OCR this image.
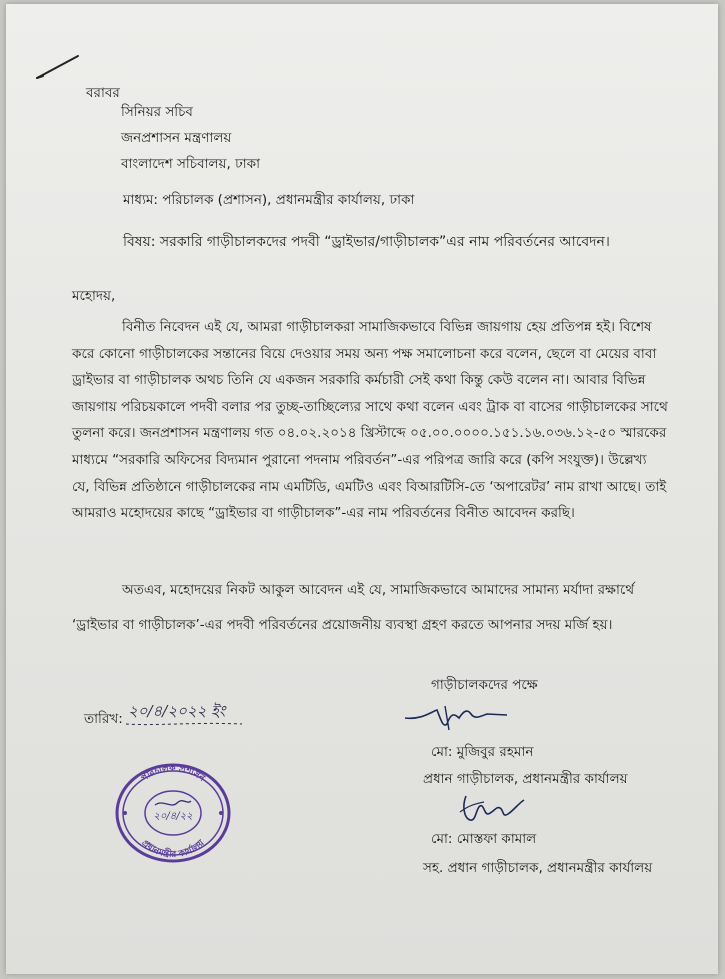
বরাবর
সিনিয়র সচিব
জনপ্রশাসন মন্ত্রণালয়
বাংলাদেশ সচিবালয়, ঢাকা
মাধ্যম: পরিচালক (প্রশাসন), প্রধানমন্ত্রীর কার্যালয়, ঢাকা
বিষয়: সরকারি গাড়ীচালকদের পদবী “ড্রাইভার/গাড়ীচালক”এর নাম পরিবর্তনের আবেদন।
মহোদয়,
বিনীত নিবেদন এই যে, আমরা গাড়ীচালকরা সামাজিকভাবে বিভিন্ন জায়গায় হেয় প্রতিপন্ন হই। বিশেষ
করে কোনো গাড়ীচালকের সন্তানের বিয়ে দেওয়ার সময় অন্য পক্ষ সমালোচনা করে বলেন, ছেলে বা মেয়ের বাবা
ড্রাইভার বা গাড়ীচালক অথচ তিনি যে একজন সরকারি কর্মচারী সেই কথা কিন্তু কেউ বলেন না। আবার বিভিন্ন
জায়গায় পরিচয়কালে পদবী বলার পর তুচ্ছ-তাচ্ছিল্যের সাথে কথা বলেন এবং ট্রাক বা বাসের গাড়ীচালকের সাথে
তুলনা করে। জনপ্রশাসন মন্ত্রণালয় গত ০৪.০২.২০১৪ খ্রিস্টাব্দে ০৫.০০.০০০০.১৫১.১৬.০৩৬.১২-৫০ স্মারকের
মাধ্যমে “সরকারি অফিসের বিদ্যমান পুরানো পদনাম পরিবর্তন”-এর পরিপত্র জারি করে (কপি সংযুক্ত)। উল্লেখ্য
যে, বিভিন্ন প্রতিষ্ঠানে গাড়ীচালকের নাম এমটিডি, এমটিও এবং বিআরটিসি-তে ‘অপারেটর’ নাম রাখা আছে। তাই
আমরাও মহোদয়ের কাছে “ড্রাইভার বা গাড়ীচালক”-এর নাম পরিবর্তনের বিনীত আবেদন করছি।
অতএব, মহোদয়ের নিকট আকুল আবেদন এই যে, সামাজিকভাবে আমাদের সামান্য মর্যাদা রক্ষার্থে
‘ড্রাইভার বা গাড়ীচালক’-এর পদবী পরিবর্তনের প্রয়োজনীয় ব্যবস্থা গ্রহণ করতে আপনার সদয় মর্জি হয়।
গাড়ীচালকদের পক্ষে
মো: মুজিবুর রহমান
প্রধান গাড়ীচালক, প্রধানমন্ত্রীর কার্যালয়
মো: মোস্তফা কামাল
সহ. প্রধান গাড়ীচালক, প্রধানমন্ত্রীর কার্যালয়
তারিখ: ২০/৪/২০২২ ইং
পরিচালক প্রশাসন
প্রধানমন্ত্রীর কার্যালয়
২০/৪/২২
